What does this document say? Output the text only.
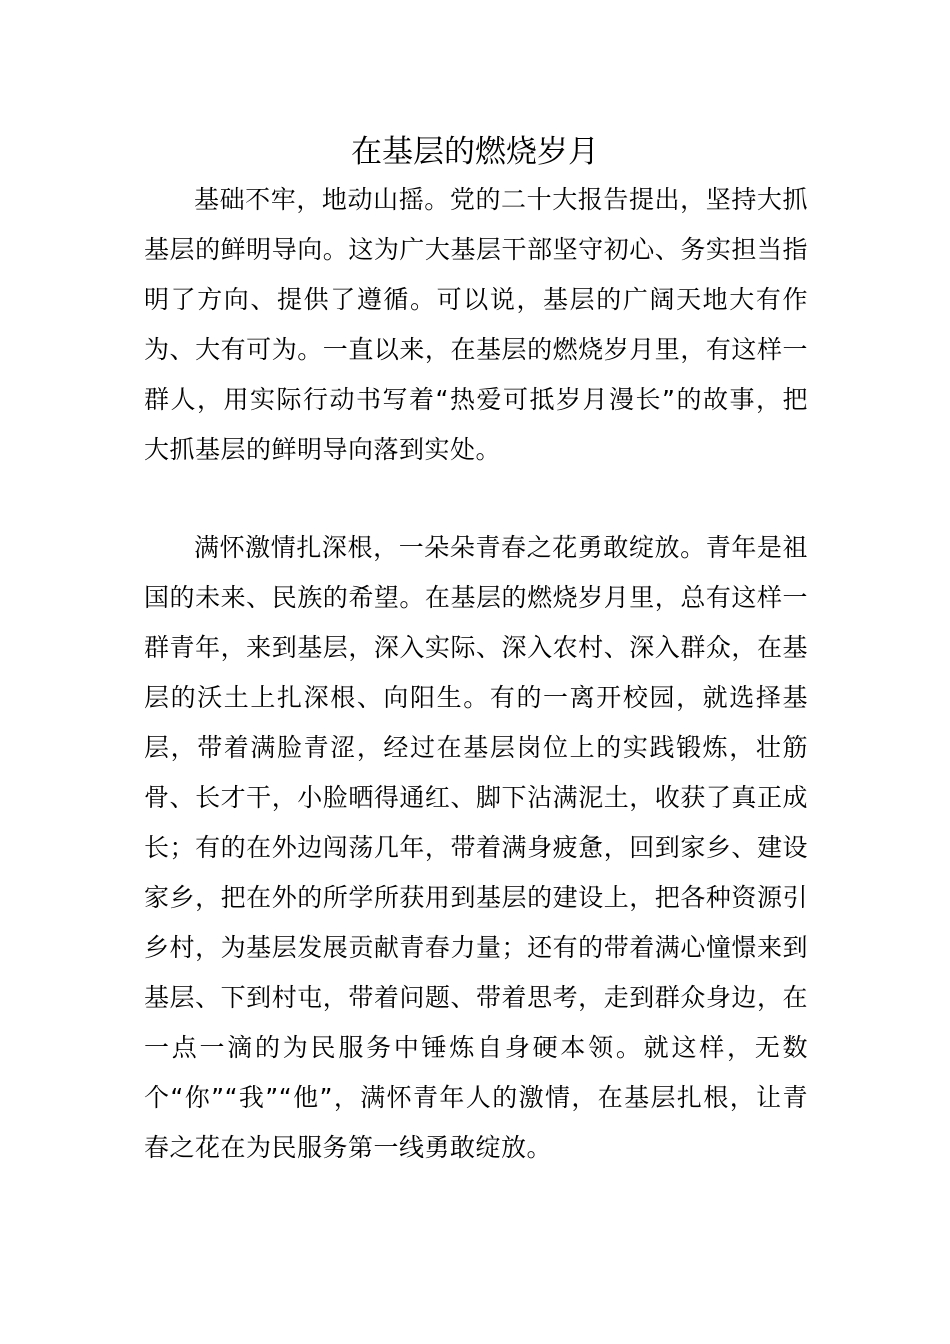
在基层的燃烧岁月

基础不牢，地动山摇。党的二十大报告提出，坚持大抓基层的鲜明导向。这为广大基层干部坚守初心、务实担当指明了方向、提供了遵循。可以说，基层的广阔天地大有作为、大有可为。一直以来，在基层的燃烧岁月里，有这样一群人，用实际行动书写着“热爱可抵岁月漫长”的故事，把大抓基层的鲜明导向落到实处。

满怀激情扎深根，一朵朵青春之花勇敢绽放。青年是祖国的未来、民族的希望。在基层的燃烧岁月里，总有这样一群青年，来到基层，深入实际、深入农村、深入群众，在基层的沃土上扎深根、向阳生。有的一离开校园，就选择基层，带着满脸青涩，经过在基层岗位上的实践锻炼，壮筋骨、长才干，小脸晒得通红、脚下沾满泥土，收获了真正成长；有的在外边闯荡几年，带着满身疲惫，回到家乡、建设家乡，把在外的所学所获用到基层的建设上，把各种资源引乡村，为基层发展贡献青春力量；还有的带着满心憧憬来到基层、下到村屯，带着问题、带着思考，走到群众身边，在一点一滴的为民服务中锤炼自身硬本领。就这样，无数个“你”“我”“他”，满怀青年人的激情，在基层扎根，让青春之花在为民服务第一线勇敢绽放。
